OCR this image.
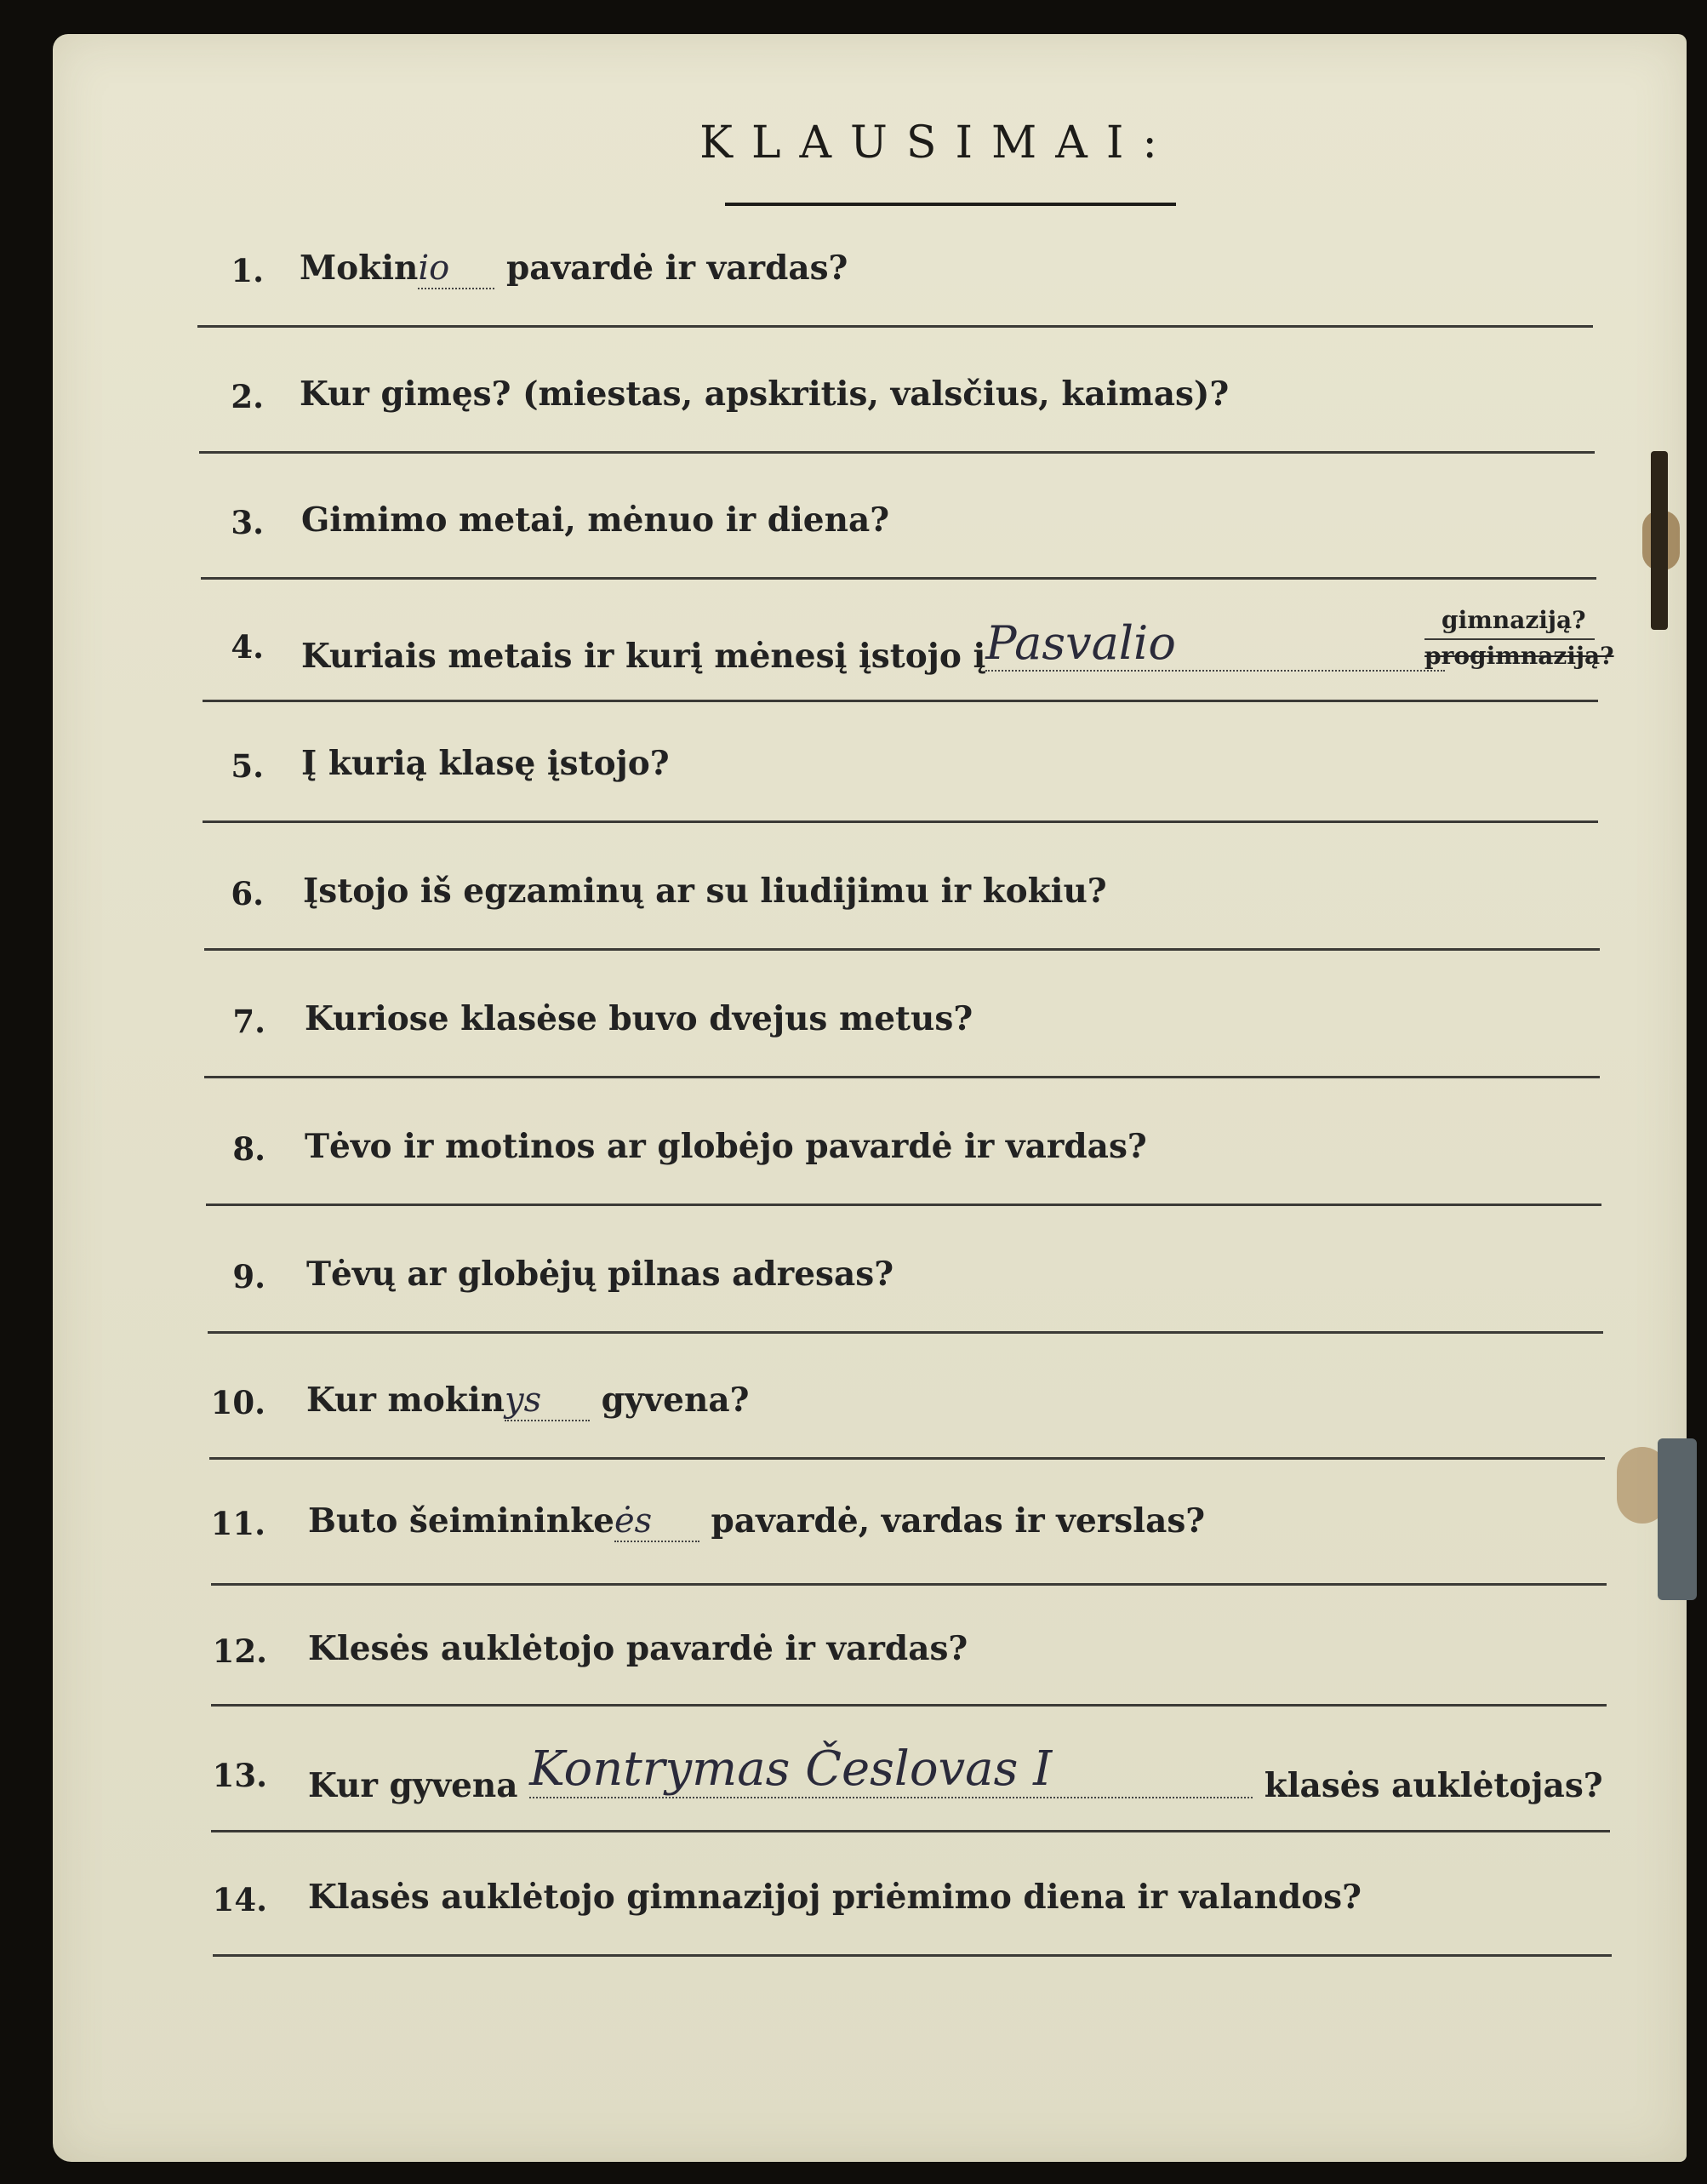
KLAUSIMAI:
1. Mokinio pavardė ir vardas?
2. Kur gimęs? (miestas, apskritis, valsčius, kaimas)?
3. Gimimo metai, mėnuo ir diena?
4. Kuriais metais ir kurį mėnesį įstojo įPasvalio	gimnaziją?
progimnaziją?
5. Į kurią klasę įstojo?
6. Įstojo iš egzaminų ar su liudijimu ir kokiu?
7. Kuriose klasėse buvo dvejus metus?
8. Tėvo ir motinos ar globėjo pavardė ir vardas?
9. Tėvų ar globėjų pilnas adresas?
10. Kur mokinys gyvena?
11. Buto šeimininkeės pavardė, vardas ir verslas?
12. Klesės auklėtojo pavardė ir vardas?
13. Kur gyvena Kontrymas Česlovas I	klasės auklėtojas?
14. Klasės auklėtojo gimnazijoj priėmimo diena ir valandos?
